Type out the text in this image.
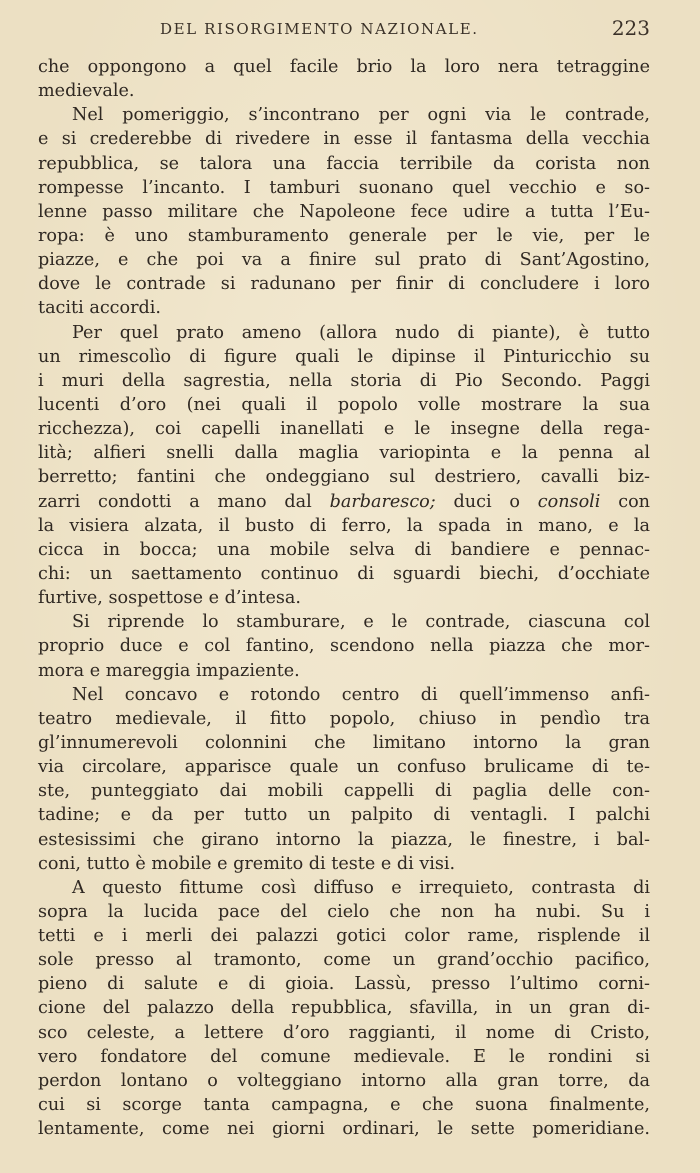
DEL RISORGIMENTO NAZIONALE.	223
che oppongono a quel facile brio la loro nera tetraggine
medievale.
Nel pomeriggio, s’incontrano per ogni via le contrade,
e si crederebbe di rivedere in esse il fantasma della vecchia
repubblica, se talora una faccia terribile da corista non
rompesse l’incanto. I tamburi suonano quel vecchio e so-
lenne passo militare che Napoleone fece udire a tutta l’Eu-
ropa: è uno stamburamento generale per le vie, per le
piazze, e che poi va a finire sul prato di Sant’Agostino,
dove le contrade si radunano per finir di concludere i loro
taciti accordi.
Per quel prato ameno (allora nudo di piante), è tutto
un rimescolìo di figure quali le dipinse il Pinturicchio su
i muri della sagrestia, nella storia di Pio Secondo. Paggi
lucenti d’oro (nei quali il popolo volle mostrare la sua
ricchezza), coi capelli inanellati e le insegne della rega-
lità; alfieri snelli dalla maglia variopinta e la penna al
berretto; fantini che ondeggiano sul destriero, cavalli biz-
zarri condotti a mano dal barbaresco; duci o consoli con
la visiera alzata, il busto di ferro, la spada in mano, e la
cicca in bocca; una mobile selva di bandiere e pennac-
chi: un saettamento continuo di sguardi biechi, d’occhiate
furtive, sospettose e d’intesa.
Si riprende lo stamburare, e le contrade, ciascuna col
proprio duce e col fantino, scendono nella piazza che mor-
mora e mareggia impaziente.
Nel concavo e rotondo centro di quell’immenso anfi-
teatro medievale, il fitto popolo, chiuso in pendìo tra
gl’innumerevoli colonnini che limitano intorno la gran
via circolare, apparisce quale un confuso brulicame di te-
ste, punteggiato dai mobili cappelli di paglia delle con-
tadine; e da per tutto un palpito di ventagli. I palchi
estesissimi che girano intorno la piazza, le finestre, i bal-
coni, tutto è mobile e gremito di teste e di visi.
A questo fittume così diffuso e irrequieto, contrasta di
sopra la lucida pace del cielo che non ha nubi. Su i
tetti e i merli dei palazzi gotici color rame, risplende il
sole presso al tramonto, come un grand’occhio pacifico,
pieno di salute e di gioia. Lassù, presso l’ultimo corni-
cione del palazzo della repubblica, sfavilla, in un gran di-
sco celeste, a lettere d’oro raggianti, il nome di Cristo,
vero fondatore del comune medievale. E le rondini si
perdon lontano o volteggiano intorno alla gran torre, da
cui si scorge tanta campagna, e che suona finalmente,
lentamente, come nei giorni ordinari, le sette pomeridiane.
